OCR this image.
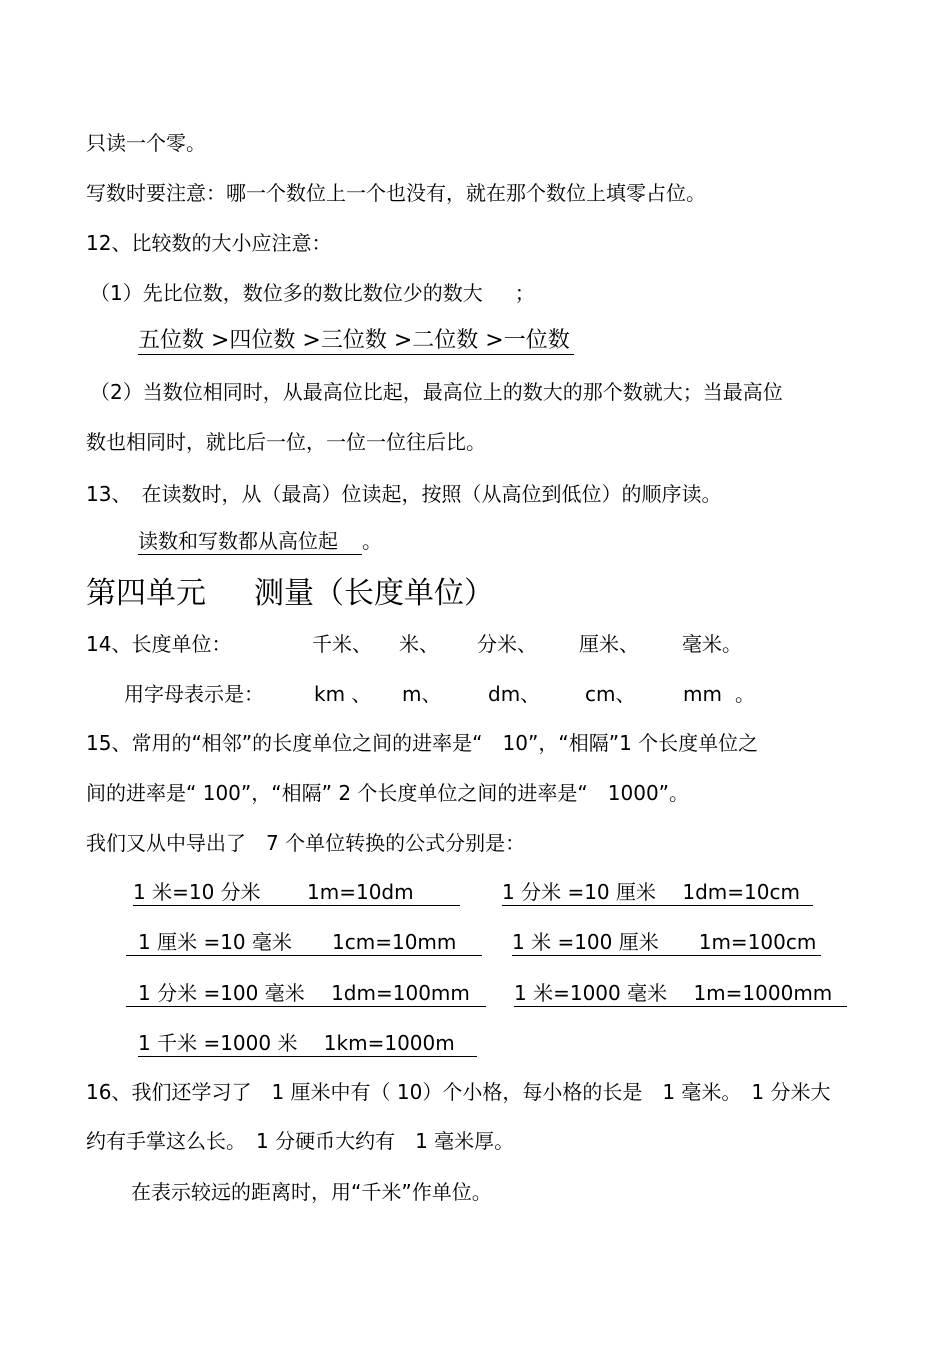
只读一个零。
写数时要注意：哪一个数位上一个也没有，就在那个数位上填零占位。
12、比较数的大小应注意：
（1）先比位数，数位多的数比数位少的数大 ；
五位数 >四位数 >三位数 >二位数 >一位数
（2）当数位相同时，从最高位比起，最高位上的数大的那个数就大；当最高位
数也相同时，就比后一位，一位一位往后比。
13、 在读数时，从（最高）位读起，按照（从高位到低位）的顺序读。
读数和写数都从高位起 。
第四单元 测量（长度单位）
14、长度单位：	千米、 米、 分米、 厘米、 毫米。
用字母表示是：	km 、 m、 dm、 cm、 mm 。
15、常用的“相邻”的长度单位之间的进率是“　10”，“相隔”1 个长度单位之
间的进率是“ 100”，“相隔” 2 个长度单位之间的进率是“　1000”。
我们又从中导出了　7 个单位转换的公式分别是：
1 米=10 分米　　 1m=10dm	1 分米 =10 厘米　 1dm=10cm
1 厘米 =10 毫米　　1cm=10mm	1 米 =100 厘米　　1m=100cm
1 分米 =100 毫米　 1dm=100mm	1 米=1000 毫米　 1m=1000mm
1 千米 =1000 米　 1km=1000m
16、我们还学习了　1 厘米中有（ 10）个小格，每小格的长是　1 毫米。　1 分米大
约有手掌这么长。　1 分硬币大约有　1 毫米厚。
在表示较远的距离时，用“千米”作单位。
